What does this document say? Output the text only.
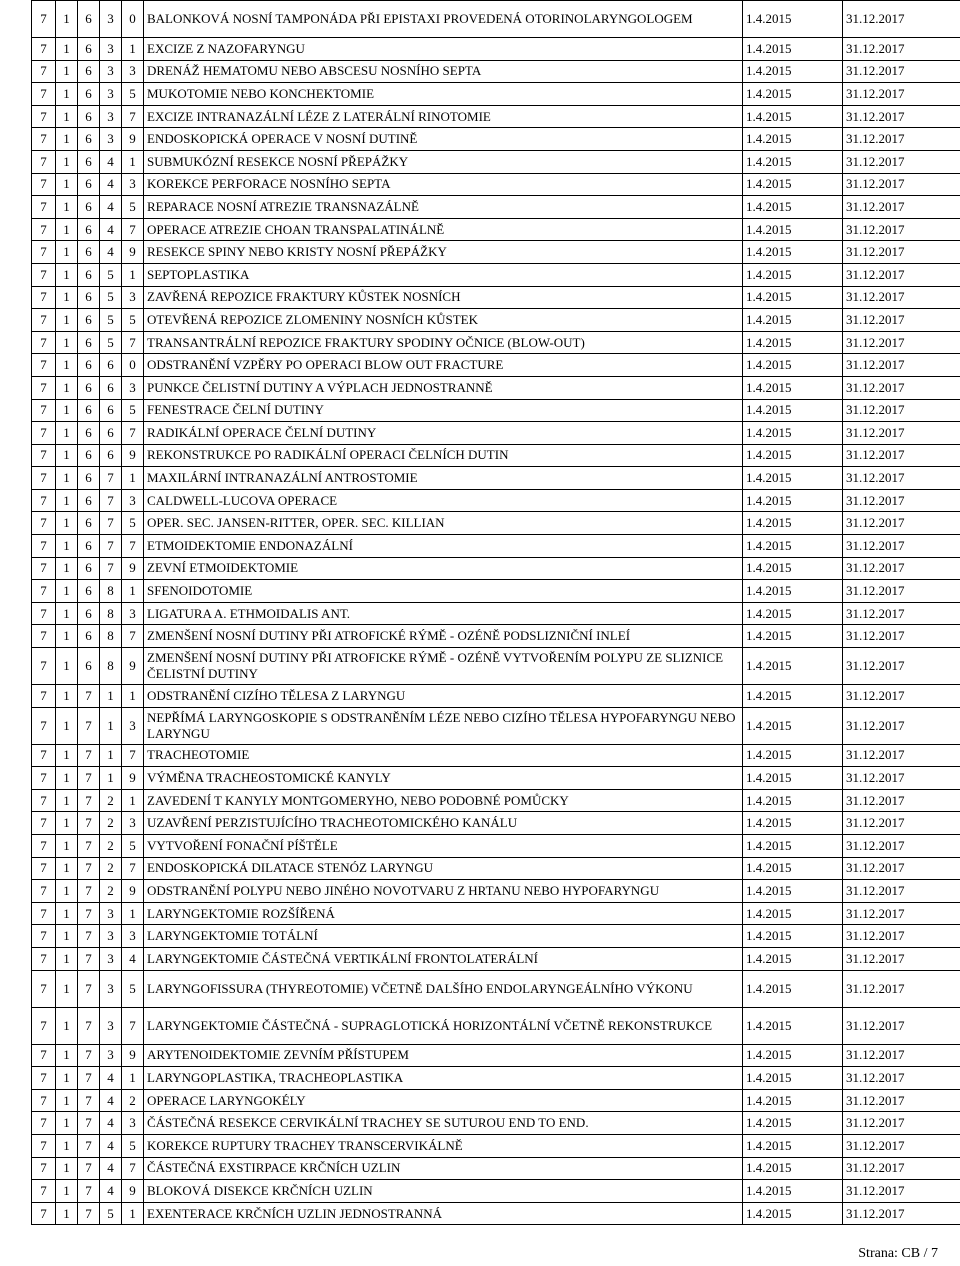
7	1	6	3	0	BALONKOVÁ NOSNÍ TAMPONÁDA PŘI EPISTAXI PROVEDENÁ OTORINOLARYNGOLOGEM	1.4.2015	31.12.2017
7	1	6	3	1	EXCIZE Z NAZOFARYNGU	1.4.2015	31.12.2017
7	1	6	3	3	DRENÁŽ HEMATOMU NEBO ABSCESU NOSNÍHO SEPTA	1.4.2015	31.12.2017
7	1	6	3	5	MUKOTOMIE NEBO KONCHEKTOMIE	1.4.2015	31.12.2017
7	1	6	3	7	EXCIZE INTRANAZÁLNÍ LÉZE Z LATERÁLNÍ RINOTOMIE	1.4.2015	31.12.2017
7	1	6	3	9	ENDOSKOPICKÁ OPERACE V NOSNÍ DUTINĚ	1.4.2015	31.12.2017
7	1	6	4	1	SUBMUKÓZNÍ RESEKCE NOSNÍ PŘEPÁŽKY	1.4.2015	31.12.2017
7	1	6	4	3	KOREKCE PERFORACE NOSNÍHO SEPTA	1.4.2015	31.12.2017
7	1	6	4	5	REPARACE NOSNÍ ATREZIE TRANSNAZÁLNĚ	1.4.2015	31.12.2017
7	1	6	4	7	OPERACE ATREZIE CHOAN TRANSPALATINÁLNĚ	1.4.2015	31.12.2017
7	1	6	4	9	RESEKCE SPINY NEBO KRISTY NOSNÍ PŘEPÁŽKY	1.4.2015	31.12.2017
7	1	6	5	1	SEPTOPLASTIKA	1.4.2015	31.12.2017
7	1	6	5	3	ZAVŘENÁ REPOZICE FRAKTURY KŮSTEK NOSNÍCH	1.4.2015	31.12.2017
7	1	6	5	5	OTEVŘENÁ REPOZICE ZLOMENINY NOSNÍCH KŮSTEK	1.4.2015	31.12.2017
7	1	6	5	7	TRANSANTRÁLNÍ REPOZICE FRAKTURY SPODINY OČNICE (BLOW-OUT)	1.4.2015	31.12.2017
7	1	6	6	0	ODSTRANĚNÍ VZPĚRY PO OPERACI BLOW OUT FRACTURE	1.4.2015	31.12.2017
7	1	6	6	3	PUNKCE ČELISTNÍ DUTINY A VÝPLACH JEDNOSTRANNĚ	1.4.2015	31.12.2017
7	1	6	6	5	FENESTRACE ČELNÍ DUTINY	1.4.2015	31.12.2017
7	1	6	6	7	RADIKÁLNÍ OPERACE ČELNÍ DUTINY	1.4.2015	31.12.2017
7	1	6	6	9	REKONSTRUKCE PO RADIKÁLNÍ OPERACI ČELNÍCH DUTIN	1.4.2015	31.12.2017
7	1	6	7	1	MAXILÁRNÍ INTRANAZÁLNÍ ANTROSTOMIE	1.4.2015	31.12.2017
7	1	6	7	3	CALDWELL-LUCOVA OPERACE	1.4.2015	31.12.2017
7	1	6	7	5	OPER. SEC. JANSEN-RITTER, OPER. SEC. KILLIAN	1.4.2015	31.12.2017
7	1	6	7	7	ETMOIDEKTOMIE ENDONAZÁLNÍ	1.4.2015	31.12.2017
7	1	6	7	9	ZEVNÍ ETMOIDEKTOMIE	1.4.2015	31.12.2017
7	1	6	8	1	SFENOIDOTOMIE	1.4.2015	31.12.2017
7	1	6	8	3	LIGATURA A. ETHMOIDALIS ANT.	1.4.2015	31.12.2017
7	1	6	8	7	ZMENŠENÍ NOSNÍ DUTINY PŘI ATROFICKÉ RÝMĚ - OZÉNĚ PODSLIZNIČNÍ INLEÍ	1.4.2015	31.12.2017
7	1	6	8	9	ZMENŠENÍ NOSNÍ DUTINY PŘI ATROFICKE RÝMĚ - OZÉNĚ VYTVOŘENÍM POLYPU ZE SLIZNICE ČELISTNÍ DUTINY	1.4.2015	31.12.2017
7	1	7	1	1	ODSTRANĚNÍ CIZÍHO TĚLESA Z LARYNGU	1.4.2015	31.12.2017
7	1	7	1	3	NEPŘÍMÁ LARYNGOSKOPIE S ODSTRANĚNÍM LÉZE NEBO CIZÍHO TĚLESA HYPOFARYNGU NEBO LARYNGU	1.4.2015	31.12.2017
7	1	7	1	7	TRACHEOTOMIE	1.4.2015	31.12.2017
7	1	7	1	9	VÝMĚNA TRACHEOSTOMICKÉ KANYLY	1.4.2015	31.12.2017
7	1	7	2	1	ZAVEDENÍ T KANYLY MONTGOMERYHO, NEBO PODOBNÉ POMŮCKY	1.4.2015	31.12.2017
7	1	7	2	3	UZAVŘENÍ PERZISTUJÍCÍHO TRACHEOTOMICKÉHO KANÁLU	1.4.2015	31.12.2017
7	1	7	2	5	VYTVOŘENÍ FONAČNÍ PÍŠTĚLE	1.4.2015	31.12.2017
7	1	7	2	7	ENDOSKOPICKÁ DILATACE STENÓZ LARYNGU	1.4.2015	31.12.2017
7	1	7	2	9	ODSTRANĚNÍ POLYPU NEBO JINÉHO NOVOTVARU Z HRTANU NEBO HYPOFARYNGU	1.4.2015	31.12.2017
7	1	7	3	1	LARYNGEKTOMIE ROZŠÍŘENÁ	1.4.2015	31.12.2017
7	1	7	3	3	LARYNGEKTOMIE TOTÁLNÍ	1.4.2015	31.12.2017
7	1	7	3	4	LARYNGEKTOMIE ČÁSTEČNÁ VERTIKÁLNÍ FRONTOLATERÁLNÍ	1.4.2015	31.12.2017
7	1	7	3	5	LARYNGOFISSURA (THYREOTOMIE) VČETNĚ DALŠÍHO ENDOLARYNGEÁLNÍHO VÝKONU	1.4.2015	31.12.2017
7	1	7	3	7	LARYNGEKTOMIE ČÁSTEČNÁ - SUPRAGLOTICKÁ HORIZONTÁLNÍ VČETNĚ REKONSTRUKCE	1.4.2015	31.12.2017
7	1	7	3	9	ARYTENOIDEKTOMIE ZEVNÍM PŘÍSTUPEM	1.4.2015	31.12.2017
7	1	7	4	1	LARYNGOPLASTIKA, TRACHEOPLASTIKA	1.4.2015	31.12.2017
7	1	7	4	2	OPERACE LARYNGOKÉLY	1.4.2015	31.12.2017
7	1	7	4	3	ČÁSTEČNÁ RESEKCE CERVIKÁLNÍ TRACHEY SE SUTUROU END TO END.	1.4.2015	31.12.2017
7	1	7	4	5	KOREKCE RUPTURY TRACHEY TRANSCERVIKÁLNĚ	1.4.2015	31.12.2017
7	1	7	4	7	ČÁSTEČNÁ EXSTIRPACE KRČNÍCH UZLIN	1.4.2015	31.12.2017
7	1	7	4	9	BLOKOVÁ DISEKCE KRČNÍCH UZLIN	1.4.2015	31.12.2017
7	1	7	5	1	EXENTERACE KRČNÍCH UZLIN JEDNOSTRANNÁ	1.4.2015	31.12.2017
Strana: CB / 7
